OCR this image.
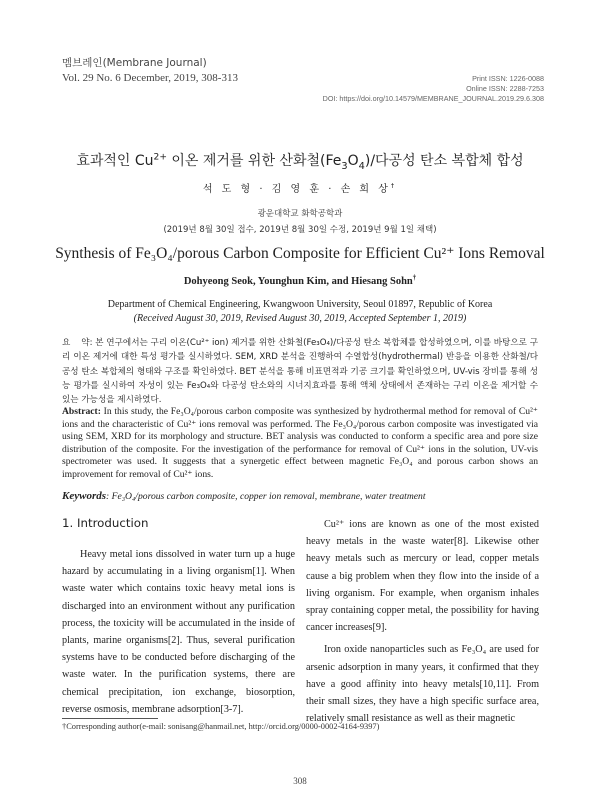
멤브레인(Membrane Journal)
Vol. 29 No. 6 December, 2019, 308-313	Print ISSN: 1226-0088
Online ISSN: 2288-7253
DOI: https://doi.org/10.14579/MEMBRANE_JOURNAL.2019.29.6.308
효과적인 $Cu^{2+}$ 이온 제거를 위한 산화철$(Fe_3O_4)/$다공성 탄소 복합체 합성
석 도 형 · 김 영 훈 · 손 희 상†
광운대학교 화학공학과
(2019년 8월 30일 접수, 2019년 8월 30일 수정, 2019년 9월 1일 채택)
Synthesis of Fe₃O₄/porous Carbon Composite for Efficient Cu²⁺ Ions Removal
Dohyeong Seok, Younghun Kim, and Hiesang Sohn†
Department of Chemical Engineering, Kwangwoon University, Seoul 01897, Republic of Korea
(Received August 30, 2019, Revised August 30, 2019, Accepted September 1, 2019)
요    약: 본 연구에서는 구리 이온(Cu²⁺ ion) 제거를 위한 산화철(Fe₃O₄)/다공성 탄소 복합체를 합성하였으며, 이를 바탕으로 구리 이온 제거에 대한 특성 평가를 실시하였다. SEM, XRD 분석을 진행하여 수열합성(hydrothermal) 반응을 이용한 산화철/다공성 탄소 복합체의 형태와 구조를 확인하였다. BET 분석을 통해 비표면적과 기공 크기를 확인하였으며, UV-vis 장비를 통해 성능 평가를 실시하여 자성이 있는 Fe₃O₄와 다공성 탄소와의 시너지효과를 통해 액체 상태에서 존재하는 구리 이온을 제거할 수 있는 가능성을 제시하였다.
Abstract: In this study, the Fe₃O₄/porous carbon composite was synthesized by hydrothermal method for removal of Cu²⁺ ions and the characteristic of Cu²⁺ ions removal was performed. The Fe₃O₄/porous carbon composite was investigated via using SEM, XRD for its morphology and structure. BET analysis was conducted to conform a specific area and pore size distribution of the composite. For the investigation of the performance for removal of Cu²⁺ ions in the solution, UV-vis spectrometer was used. It suggests that a synergetic effect between magnetic Fe₃O₄ and porous carbon shows an improvement for removal of Cu²⁺ ions.
Keywords: Fe₃O₄/porous carbon composite, copper ion removal, membrane, water treatment
1. Introduction
Heavy metal ions dissolved in water turn up a huge hazard by accumulating in a living organism[1]. When waste water which contains toxic heavy metal ions is discharged into an environment without any purification process, the toxicity will be accumulated in the inside of plants, marine organisms[2]. Thus, several purification systems have to be conducted before discharging of the waste water. In the purification systems, there are chemical precipitation, ion exchange, biosorption, reverse osmosis, membrane adsorption[3-7].
Cu²⁺ ions are known as one of the most existed heavy metals in the waste water[8]. Likewise other heavy metals such as mercury or lead, copper metals cause a big problem when they flow into the inside of a living organism. For example, when organism inhales spray containing copper metal, the possibility for having cancer increases[9].
Iron oxide nanoparticles such as Fe₃O₄ are used for arsenic adsorption in many years, it confirmed that they have a good affinity into heavy metals[10,11]. From their small sizes, they have a high specific surface area, relatively small resistance as well as their magnetic
†Corresponding author(e-mail: sonisang@hanmail.net, http://orcid.org/0000-0002-4164-9397)
308
